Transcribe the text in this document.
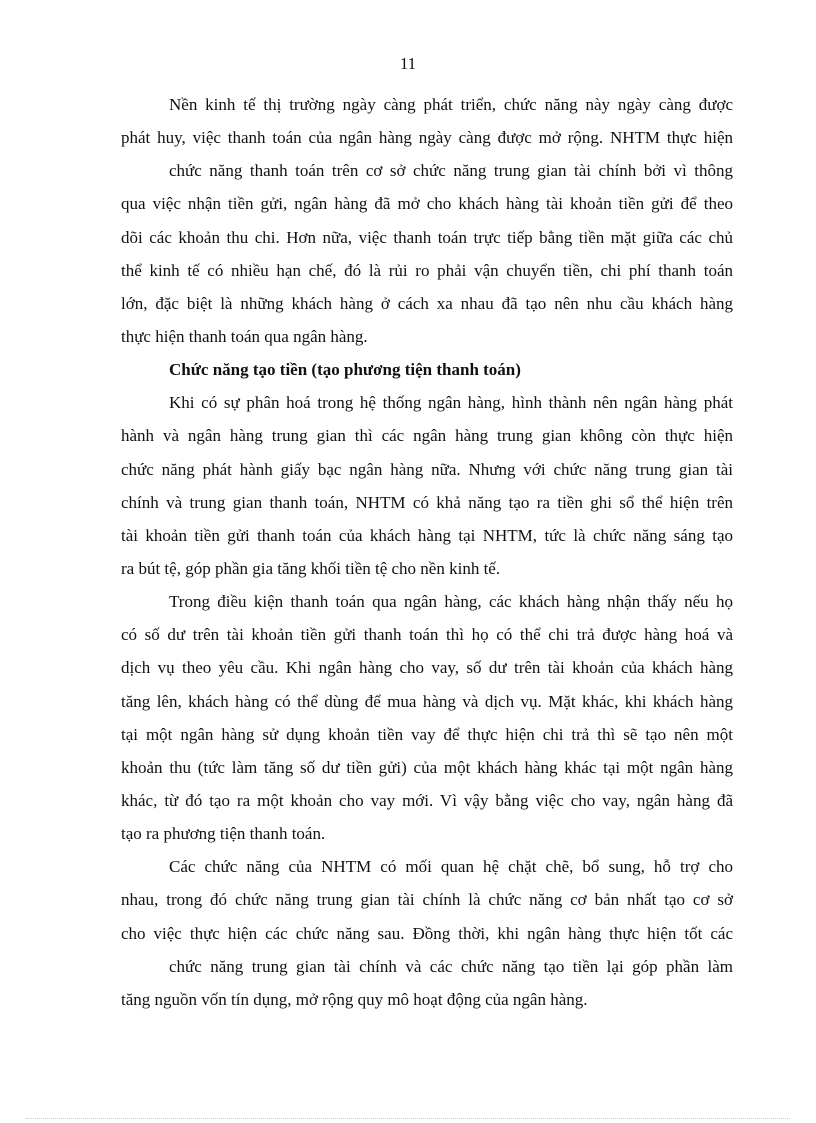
11
Nền kinh tế thị trường ngày càng phát triển, chức năng này ngày càng được
phát huy, việc thanh toán của ngân hàng ngày càng được mở rộng. NHTM thực hiện
chức năng thanh toán trên cơ sở chức năng trung gian tài chính bởi vì thông
qua việc nhận tiền gửi, ngân hàng đã mở cho khách hàng tài khoản tiền gửi để theo
dõi các khoản thu chi. Hơn nữa, việc thanh toán trực tiếp bằng tiền mặt giữa các chủ
thể kinh tế có nhiều hạn chế, đó là rủi ro phải vận chuyển tiền, chi phí thanh toán
lớn, đặc biệt là những khách hàng ở cách xa nhau đã tạo nên nhu cầu khách hàng
thực hiện thanh toán qua ngân hàng.
Chức năng tạo tiền (tạo phương tiện thanh toán)
Khi có sự phân hoá trong hệ thống ngân hàng, hình thành nên ngân hàng phát
hành và ngân hàng trung gian thì các ngân hàng trung gian không còn thực hiện
chức năng phát hành giấy bạc ngân hàng nữa. Nhưng với chức năng trung gian tài
chính và trung gian thanh toán, NHTM có khả năng tạo ra tiền ghi sổ thể hiện trên
tài khoản tiền gửi thanh toán của khách hàng tại NHTM, tức là chức năng sáng tạo
ra bút tệ, góp phần gia tăng khối tiền tệ cho nền kinh tế.
Trong điều kiện thanh toán qua ngân hàng, các khách hàng nhận thấy nếu họ
có số dư trên tài khoản tiền gửi thanh toán thì họ có thể chi trả được hàng hoá và
dịch vụ theo yêu cầu. Khi ngân hàng cho vay, số dư trên tài khoản của khách hàng
tăng lên, khách hàng có thể dùng để mua hàng và dịch vụ. Mặt khác, khi khách hàng
tại một ngân hàng sử dụng khoản tiền vay để thực hiện chi trả thì sẽ tạo nên một
khoản thu (tức làm tăng số dư tiền gửi) của một khách hàng khác tại một ngân hàng
khác, từ đó tạo ra một khoản cho vay mới. Vì vậy bằng việc cho vay, ngân hàng đã
tạo ra phương tiện thanh toán.
Các chức năng của NHTM có mối quan hệ chặt chẽ, bổ sung, hỗ trợ cho
nhau, trong đó chức năng trung gian tài chính là chức năng cơ bản nhất tạo cơ sở
cho việc thực hiện các chức năng sau. Đồng thời, khi ngân hàng thực hiện tốt các
chức năng trung gian tài chính và các chức năng tạo tiền lại góp phần làm
tăng nguồn vốn tín dụng, mở rộng quy mô hoạt động của ngân hàng.
